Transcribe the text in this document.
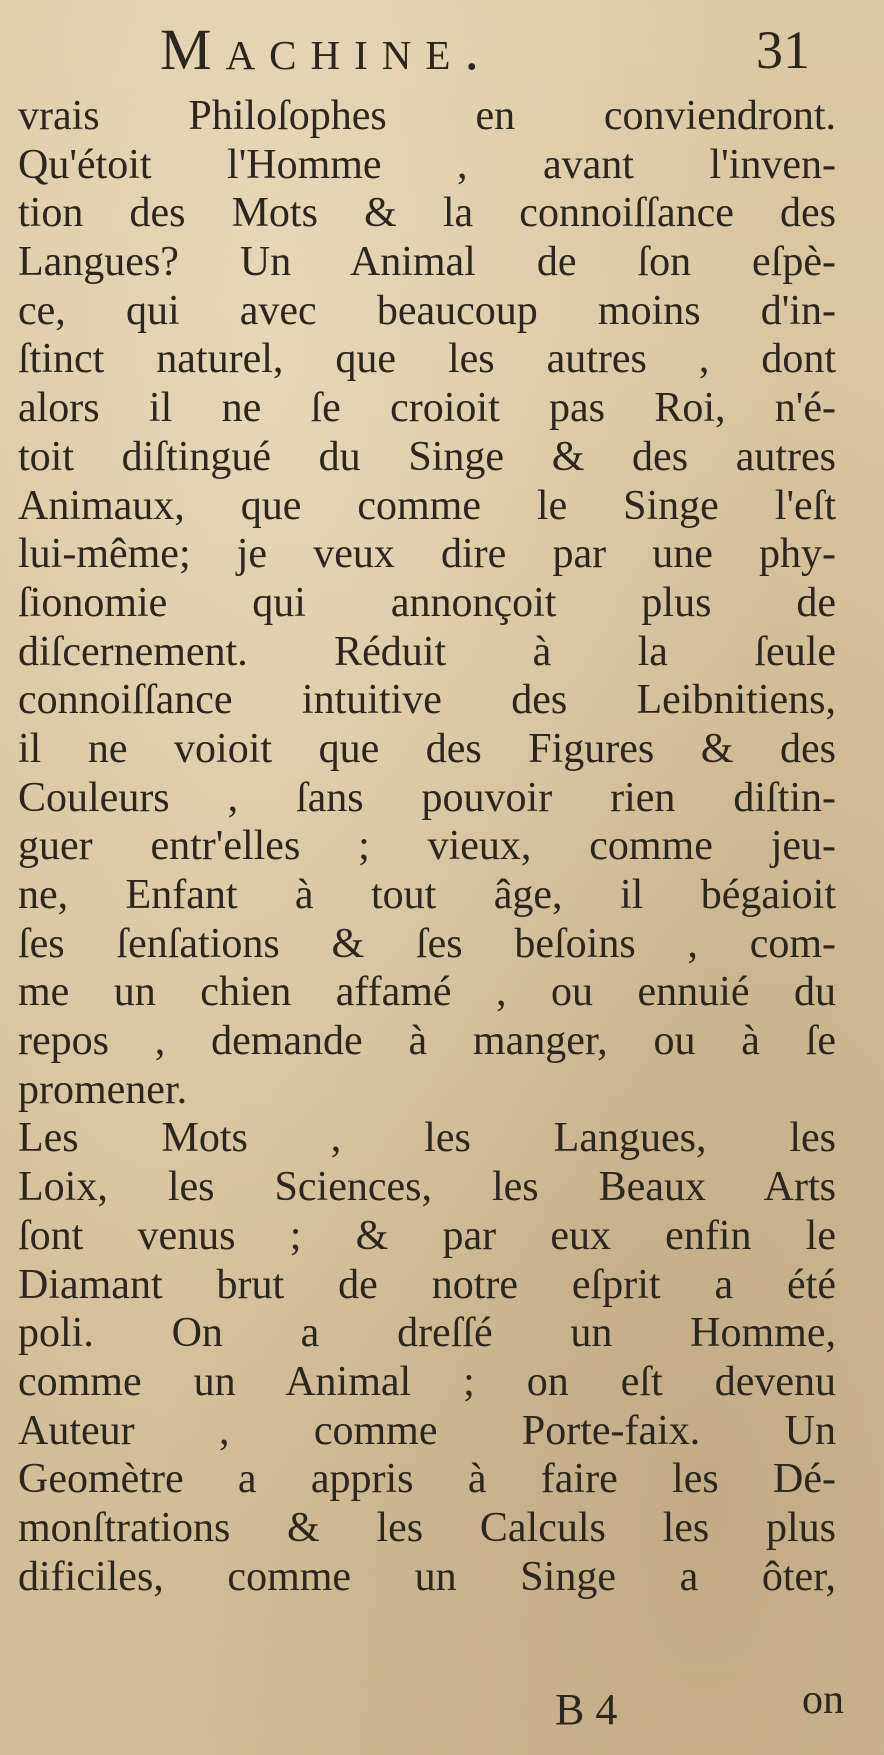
Machine.	31
vrais Philoſophes en conviendront.
Qu'étoit l'Homme , avant l'inven-
tion des Mots & la connoiſſance des
Langues? Un Animal de ſon eſpè-
ce, qui avec beaucoup moins d'in-
ſtinct naturel, que les autres , dont
alors il ne ſe croioit pas Roi, n'é-
toit diſtingué du Singe & des autres
Animaux, que comme le Singe l'eſt
lui-même; je veux dire par une phy-
ſionomie qui annonçoit plus de
diſcernement. Réduit à la ſeule
connoiſſance intuitive des Leibnitiens,
il ne voioit que des Figures & des
Couleurs , ſans pouvoir rien diſtin-
guer entr'elles ; vieux, comme jeu-
ne, Enfant à tout âge, il bégaioit
ſes ſenſations & ſes beſoins , com-
me un chien affamé , ou ennuié du
repos , demande à manger, ou à ſe
promener.
Les Mots , les Langues, les
Loix, les Sciences, les Beaux Arts
ſont venus ; & par eux enfin le
Diamant brut de notre eſprit a été
poli. On a dreſſé un Homme,
comme un Animal ; on eſt devenu
Auteur , comme Porte-faix. Un
Geomètre a appris à faire les Dé-
monſtrations & les Calculs les plus
dificiles, comme un Singe a ôter,
B 4	on
